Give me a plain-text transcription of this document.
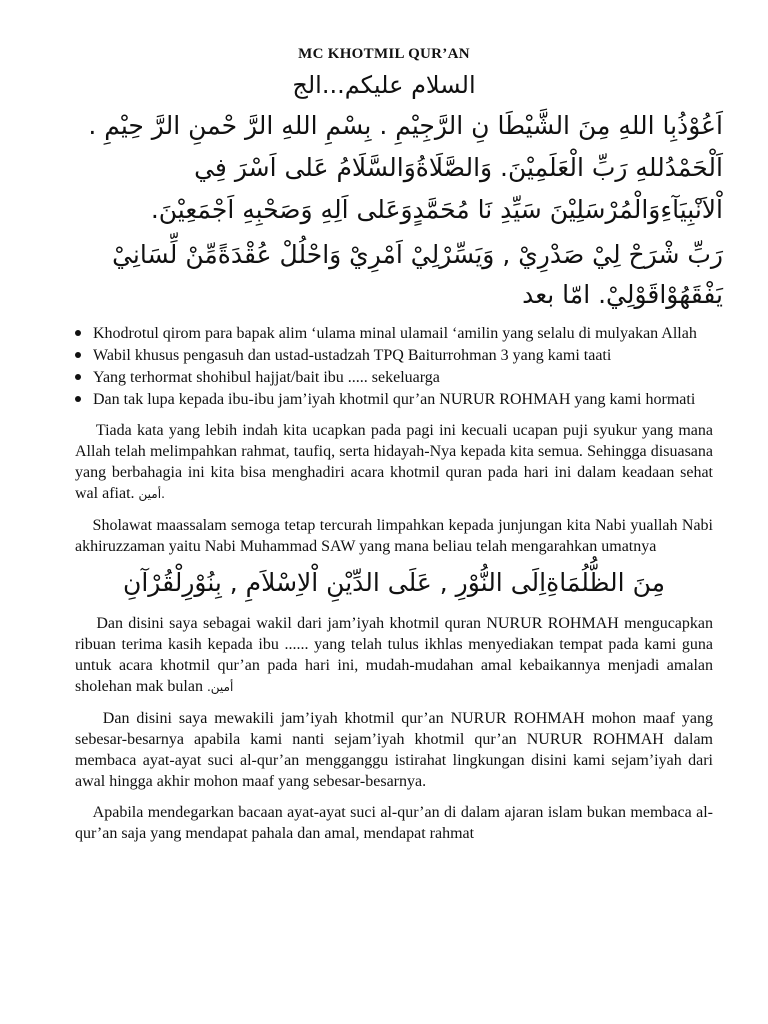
MC KHOTMIL QUR’AN
السلام عليكم...الج
اَعُوْذُبِا اللهِ مِنَ الشَّيْطَا نِ الرَّجِيْمِ . بِسْمِ اللهِ الرَّ حْمنِ الرَّ حِيْمِ . اَلْحَمْدُللهِ رَبِّ الْعَلَمِيْنَ. وَالصَّلَاةُوَالسَّلَامُ عَلى اَسْرَ فِي اْلاَنْبِيَآءِوَالْمُرْسَلِيْنَ سَيِّدِ نَا مُحَمَّدٍوَعَلى اَلِهِ وَصَحْبِهِ اَجْمَعِيْنَ.
رَبِّ شْرَحْ لِيْ صَدْرِيْ , وَيَسِّرْلِيْ اَمْرِيْ وَاحْلُلْ عُقْدَةًمِّنْ لِّسَانِيْ يَفْقَهُوْاقَوْلِيْ. امّا بعد
Khodrotul qirom para bapak alim ‘ulama minal ulamail ‘amilin yang selalu di mulyakan Allah
Wabil khusus pengasuh dan ustad-ustadzah TPQ Baiturrohman 3 yang kami taati
Yang terhormat shohibul hajjat/bait ibu ..... sekeluarga
Dan tak lupa kepada ibu-ibu jam’iyah khotmil qur’an NURUR ROHMAH yang kami hormati

Tiada kata yang lebih indah kita ucapkan pada pagi ini kecuali ucapan puji syukur yang mana Allah telah melimpahkan rahmat, taufiq, serta hidayah-Nya kepada kita semua. Sehingga disuasana yang berbahagia ini kita bisa menghadiri acara khotmil quran pada hari ini dalam keadaan sehat wal afiat. أمين.

Sholawat maassalam semoga tetap tercurah limpahkan kepada junjungan kita Nabi yuallah Nabi akhiruzzaman yaitu Nabi Muhammad SAW yang mana beliau telah mengarahkan umatnya

مِنَ الظُّلُمَاةِاِلَى النُّوْرِ , عَلَى الدِّيْنِ اْلاِسْلاَمِ , بِنُوْرِلْقُرْآنِ

Dan disini saya sebagai wakil dari jam’iyah khotmil quran NURUR ROHMAH mengucapkan ribuan terima kasih kepada ibu ...... yang telah tulus ikhlas menyediakan tempat pada kami guna untuk acara khotmil qur’an pada hari ini, mudah-mudahan amal kebaikannya menjadi amalan sholehan mak bulan .أمين

Dan disini saya mewakili jam’iyah khotmil qur’an NURUR ROHMAH mohon maaf yang sebesar-besarnya apabila kami nanti sejam’iyah khotmil qur’an NURUR ROHMAH dalam membaca ayat-ayat suci al-qur’an mengganggu istirahat lingkungan disini kami sejam’iyah dari awal hingga akhir mohon maaf yang sebesar-besarnya.

Apabila mendegarkan bacaan ayat-ayat suci al-qur’an di dalam ajaran islam bukan membaca al-qur’an saja yang mendapat pahala dan amal, mendapat rahmat
